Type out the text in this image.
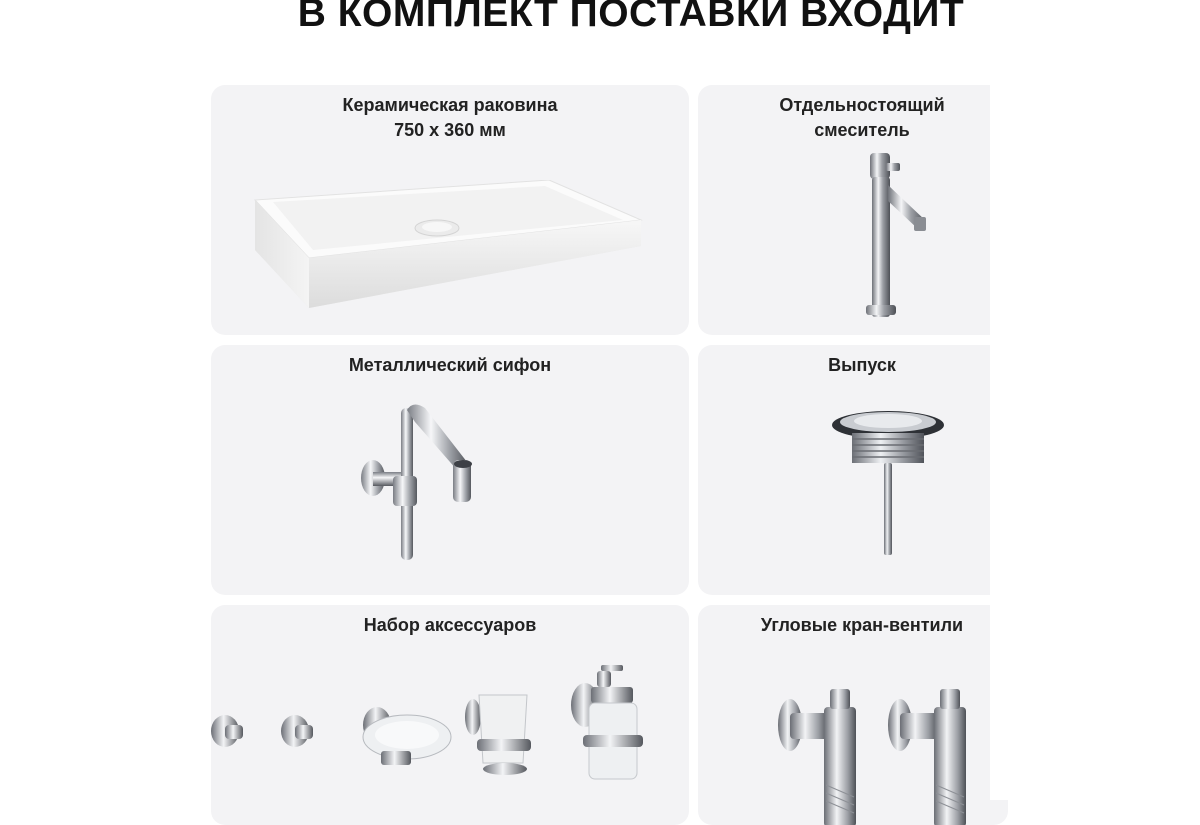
В КОМПЛЕКТ ПОСТАВКИ ВХОДИТ
Керамическая раковина
750 х 360 мм
Отдельностоящий
смеситель
Металлический сифон	Выпуск
Набор аксессуаров	Угловые кран-вентили
